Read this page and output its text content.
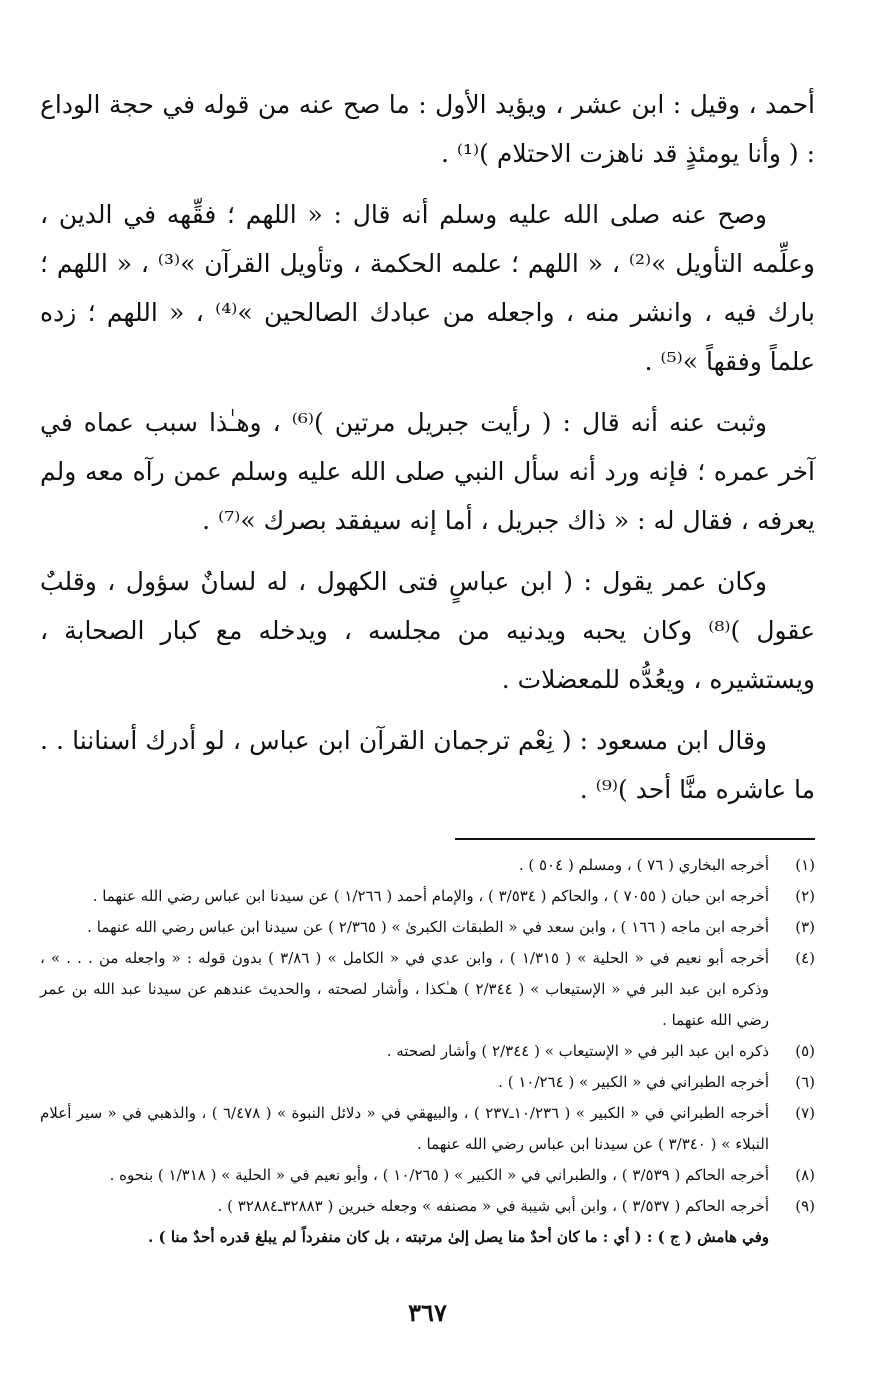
أحمد ، وقيل : ابن عشر ، ويؤيد الأول : ما صح عنه من قوله في حجة الوداع : ( وأنا يومئذٍ قد ناهزت الاحتلام )⁽¹⁾ .

وصح عنه صلى الله عليه وسلم أنه قال : « اللهم ؛ فقِّهه في الدين ، وعلِّمه التأويل »⁽²⁾ ، « اللهم ؛ علمه الحكمة ، وتأويل القرآن »⁽³⁾ ، « اللهم ؛ بارك فيه ، وانشر منه ، واجعله من عبادك الصالحين »⁽⁴⁾ ، « اللهم ؛ زده علماً وفقهاً »⁽⁵⁾ .

وثبت عنه أنه قال : ( رأيت جبريل مرتين )⁽⁶⁾ ، وهـٰذا سبب عماه في آخر عمره ؛ فإنه ورد أنه سأل النبي صلى الله عليه وسلم عمن رآه معه ولم يعرفه ، فقال له : « ذاك جبريل ، أما إنه سيفقد بصرك »⁽⁷⁾ .

وكان عمر يقول : ( ابن عباسٍ فتى الكهول ، له لسانٌ سؤول ، وقلبٌ عقول )⁽⁸⁾ وكان يحبه ويدنيه من مجلسه ، ويدخله مع كبار الصحابة ، ويستشيره ، ويعُدُّه للمعضلات .

وقال ابن مسعود : ( نِعْم ترجمان القرآن ابن عباس ، لو أدرك أسناننا . . ما عاشره منَّا أحد )⁽⁹⁾ .

(١)
أخرجه البخاري ( ٧٦ ) ، ومسلم ( ٥٠٤ ) .
(٢)
أخرجه ابن حبان ( ٧٠٥٥ ) ، والحاكم ( ٣/٥٣٤ ) ، والإمام أحمد ( ١/٢٦٦ ) عن سيدنا ابن عباس رضي الله عنهما .
(٣)
أخرجه ابن ماجه ( ١٦٦ ) ، وابن سعد في « الطبقات الكبرىٰ » ( ٢/٣٦٥ ) عن سيدنا ابن عباس رضي الله عنهما .
(٤)
أخرجه أبو نعيم في « الحلية » ( ١/٣١٥ ) ، وابن عدي في « الكامل » ( ٣/٨٦ ) بدون قوله : « واجعله من . . . » ، وذكره ابن عبد البر في « الإستيعاب » ( ٢/٣٤٤ ) هـٰكذا ، وأشار لصحته ، والحديث عندهم عن سيدنا عبد الله بن عمر رضي الله عنهما .
(٥)
ذكره ابن عبد البر في « الإستيعاب » ( ٢/٣٤٤ ) وأشار لصحته .
(٦)
أخرجه الطبراني في « الكبير » ( ١٠/٢٦٤ ) .
(٧)
أخرجه الطبراني في « الكبير » ( ١٠/٢٣٦ـ٢٣٧ ) ، والبيهقي في « دلائل النبوة » ( ٦/٤٧٨ ) ، والذهبي في « سير أعلام النبلاء » ( ٣/٣٤٠ ) عن سيدنا ابن عباس رضي الله عنهما .
(٨)
أخرجه الحاكم ( ٣/٥٣٩ ) ، والطبراني في « الكبير » ( ١٠/٢٦٥ ) ، وأبو نعيم في « الحلية » ( ١/٣١٨ ) بنحوه .
(٩)
أخرجه الحاكم ( ٣/٥٣٧ ) ، وابن أبي شيبة في « مصنفه » وجعله خبرين ( ٣٢٨٨٣ـ٣٢٨٨٤ ) .
وفي هامش ( ج ) : ( أي : ما كان أحدٌ منا يصل إلىٰ مرتبته ، بل كان منفرداً لم يبلغ قدره أحدٌ منا ) .
٣٦٧
